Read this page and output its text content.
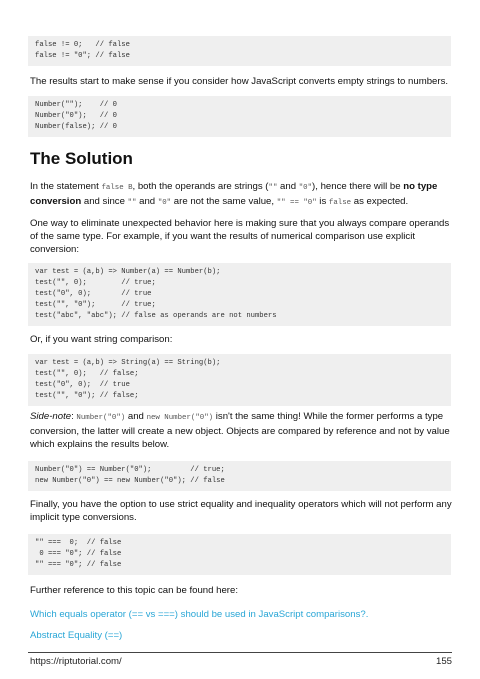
false != 0;   // false
false != "0"; // false
The results start to make sense if you consider how JavaScript converts empty strings to numbers.
Number("");    // 0
Number("0");   // 0
Number(false); // 0
The Solution
In the statement false B, both the operands are strings ("" and "0"), hence there will be no type conversion and since "" and "0" are not the same value, "" == "0" is false as expected.
One way to eliminate unexpected behavior here is making sure that you always compare operands of the same type. For example, if you want the results of numerical comparison use explicit conversion:
var test = (a,b) => Number(a) == Number(b);
test("", 0);        // true;
test("0", 0);       // true
test("", "0");      // true;
test("abc", "abc"); // false as operands are not numbers
Or, if you want string comparison:
var test = (a,b) => String(a) == String(b);
test("", 0);   // false;
test("0", 0);  // true
test("", "0"); // false;
Side-note: Number("0") and new Number("0") isn't the same thing! While the former performs a type conversion, the latter will create a new object. Objects are compared by reference and not by value which explains the results below.
Number("0") == Number("0");         // true;
new Number("0") == new Number("0"); // false
Finally, you have the option to use strict equality and inequality operators which will not perform any implicit type conversions.
"" ===  0;  // false
0 === "0"; // false
"" === "0"; // false
Further reference to this topic can be found here:
Which equals operator (== vs ===) should be used in JavaScript comparisons?.
Abstract Equality (==)
https://riptutorial.com/	155
